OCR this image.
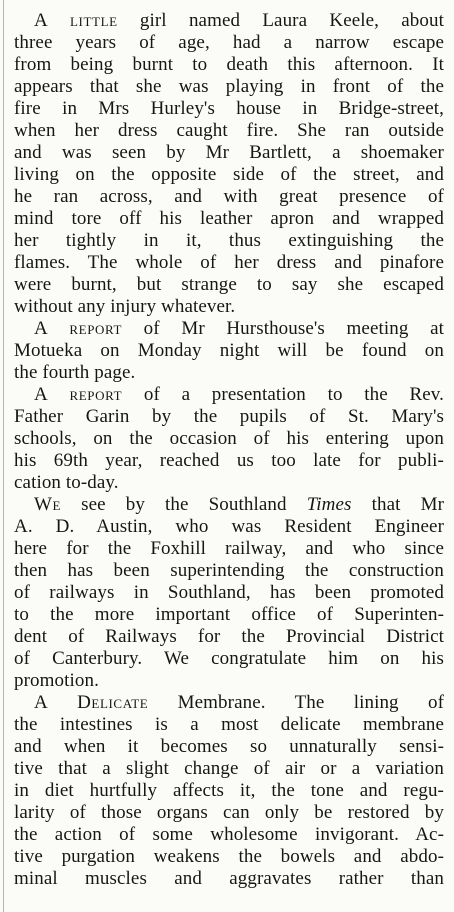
A little girl named Laura Keele, about
three years of age, had a narrow escape
from being burnt to death this afternoon. It
appears that she was playing in front of the
fire in Mrs Hurley's house in Bridge-street,
when her dress caught fire. She ran outside
and was seen by Mr Bartlett, a shoemaker
living on the opposite side of the street, and
he ran across, and with great presence of
mind tore off his leather apron and wrapped
her tightly in it, thus extinguishing the
flames. The whole of her dress and pinafore
were burnt, but strange to say she escaped
without any injury whatever.
A report of Mr Hursthouse's meeting at
Motueka on Monday night will be found on
the fourth page.
A report of a presentation to the Rev.
Father Garin by the pupils of St. Mary's
schools, on the occasion of his entering upon
his 69th year, reached us too late for publi-
cation to-day.
We see by the Southland Times that Mr
A. D. Austin, who was Resident Engineer
here for the Foxhill railway, and who since
then has been superintending the construction
of railways in Southland, has been promoted
to the more important office of Superinten-
dent of Railways for the Provincial District
of Canterbury. We congratulate him on his
promotion.
A Delicate Membrane. The lining of
the intestines is a most delicate membrane
and when it becomes so unnaturally sensi-
tive that a slight change of air or a variation
in diet hurtfully affects it, the tone and regu-
larity of those organs can only be restored by
the action of some wholesome invigorant. Ac-
tive purgation weakens the bowels and abdo-
minal muscles and aggravates rather than
